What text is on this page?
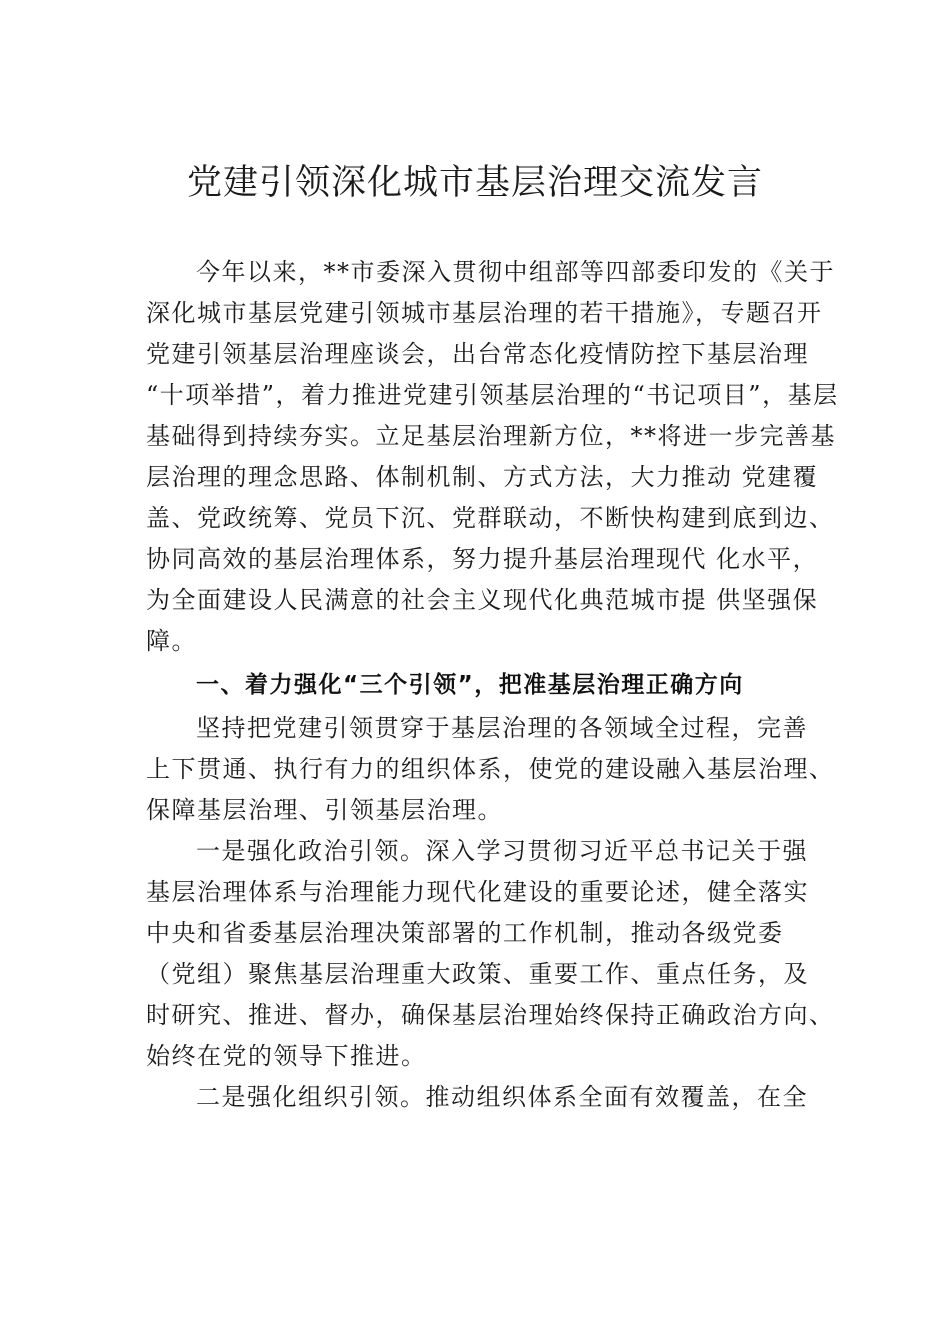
党建引领深化城市基层治理交流发言

今年以来，**市委深入贯彻中组部等四部委印发的《关于
深化城市基层党建引领城市基层治理的若干措施》，专题召开
党建引领基层治理座谈会，出台常态化疫情防控下基层治理
“十项举措”，着力推进党建引领基层治理的“书记项目”，基层
基础得到持续夯实。立足基层治理新方位，**将进一步完善基
层治理的理念思路、体制机制、方式方法，大力推动 党建覆
盖、党政统筹、党员下沉、党群联动，不断快构建到底到边、
协同高效的基层治理体系，努力提升基层治理现代 化水平，
为全面建设人民满意的社会主义现代化典范城市提 供坚强保
障。

一、着力强化“三个引领”，把准基层治理正确方向

坚持把党建引领贯穿于基层治理的各领域全过程，完善
上下贯通、执行有力的组织体系，使党的建设融入基层治理、
保障基层治理、引领基层治理。

一是强化政治引领。深入学习贯彻习近平总书记关于强
基层治理体系与治理能力现代化建设的重要论述，健全落实
中央和省委基层治理决策部署的工作机制，推动各级党委
（党组）聚焦基层治理重大政策、重要工作、重点任务，及
时研究、推进、督办，确保基层治理始终保持正确政治方向、
始终在党的领导下推进。

二是强化组织引领。推动组织体系全面有效覆盖，在全
